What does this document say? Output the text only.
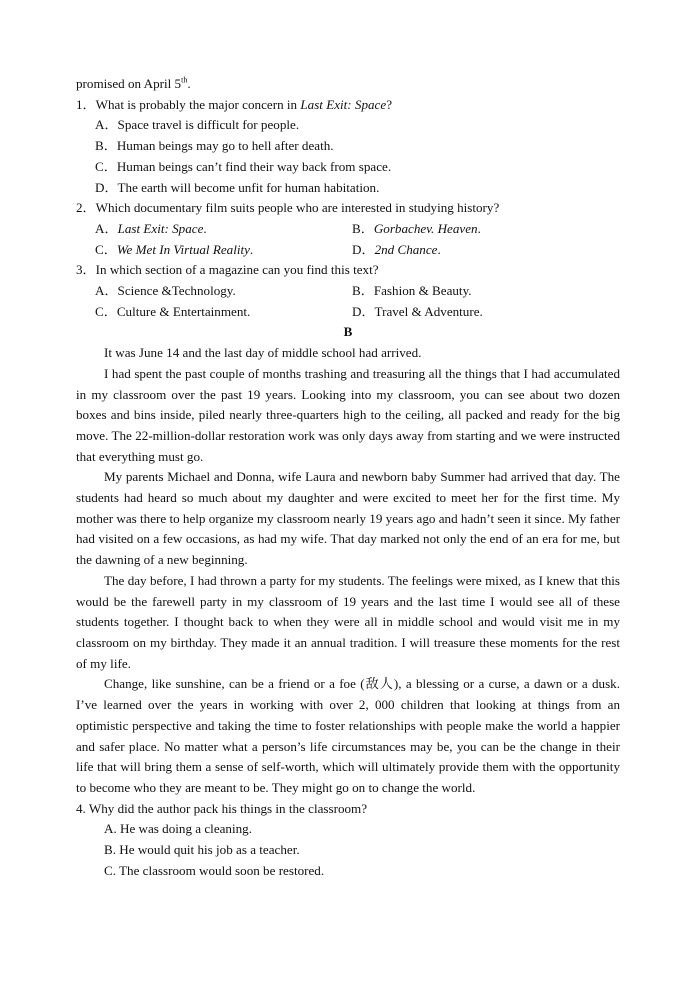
promised on April 5th.
1．What is probably the major concern in Last Exit: Space?
A．Space travel is difficult for people.
B．Human beings may go to hell after death.
C．Human beings can’t find their way back from space.
D．The earth will become unfit for human habitation.
2．Which documentary film suits people who are interested in studying history?
A．Last Exit: Space.	B．Gorbachev. Heaven.
C．We Met In Virtual Reality.	D．2nd Chance.
3．In which section of a magazine can you find this text?
A．Science &Technology.	B．Fashion & Beauty.
C．Culture & Entertainment.	D．Travel & Adventure.
B
It was June 14 and the last day of middle school had arrived.
I had spent the past couple of months trashing and treasuring all the things that I had accumulated in my classroom over the past 19 years. Looking into my classroom, you can see about two dozen boxes and bins inside, piled nearly three-quarters high to the ceiling, all packed and ready for the big move. The 22-million-dollar restoration work was only days away from starting and we were instructed that everything must go.
My parents Michael and Donna, wife Laura and newborn baby Summer had arrived that day. The students had heard so much about my daughter and were excited to meet her for the first time. My mother was there to help organize my classroom nearly 19 years ago and hadn’t seen it since. My father had visited on a few occasions, as had my wife. That day marked not only the end of an era for me, but the dawning of a new beginning.
The day before, I had thrown a party for my students. The feelings were mixed, as I knew that this would be the farewell party in my classroom of 19 years and the last time I would see all of these students together. I thought back to when they were all in middle school and would visit me in my classroom on my birthday. They made it an annual tradition. I will treasure these moments for the rest of my life.
Change, like sunshine, can be a friend or a foe (敌人), a blessing or a curse, a dawn or a dusk. I’ve learned over the years in working with over 2, 000 children that looking at things from an optimistic perspective and taking the time to foster relationships with people make the world a happier and safer place. No matter what a person’s life circumstances may be, you can be the change in their life that will bring them a sense of self-worth, which will ultimately provide them with the opportunity to become who they are meant to be. They might go on to change the world.
4. Why did the author pack his things in the classroom?
A. He was doing a cleaning.
B. He would quit his job as a teacher.
C. The classroom would soon be restored.
